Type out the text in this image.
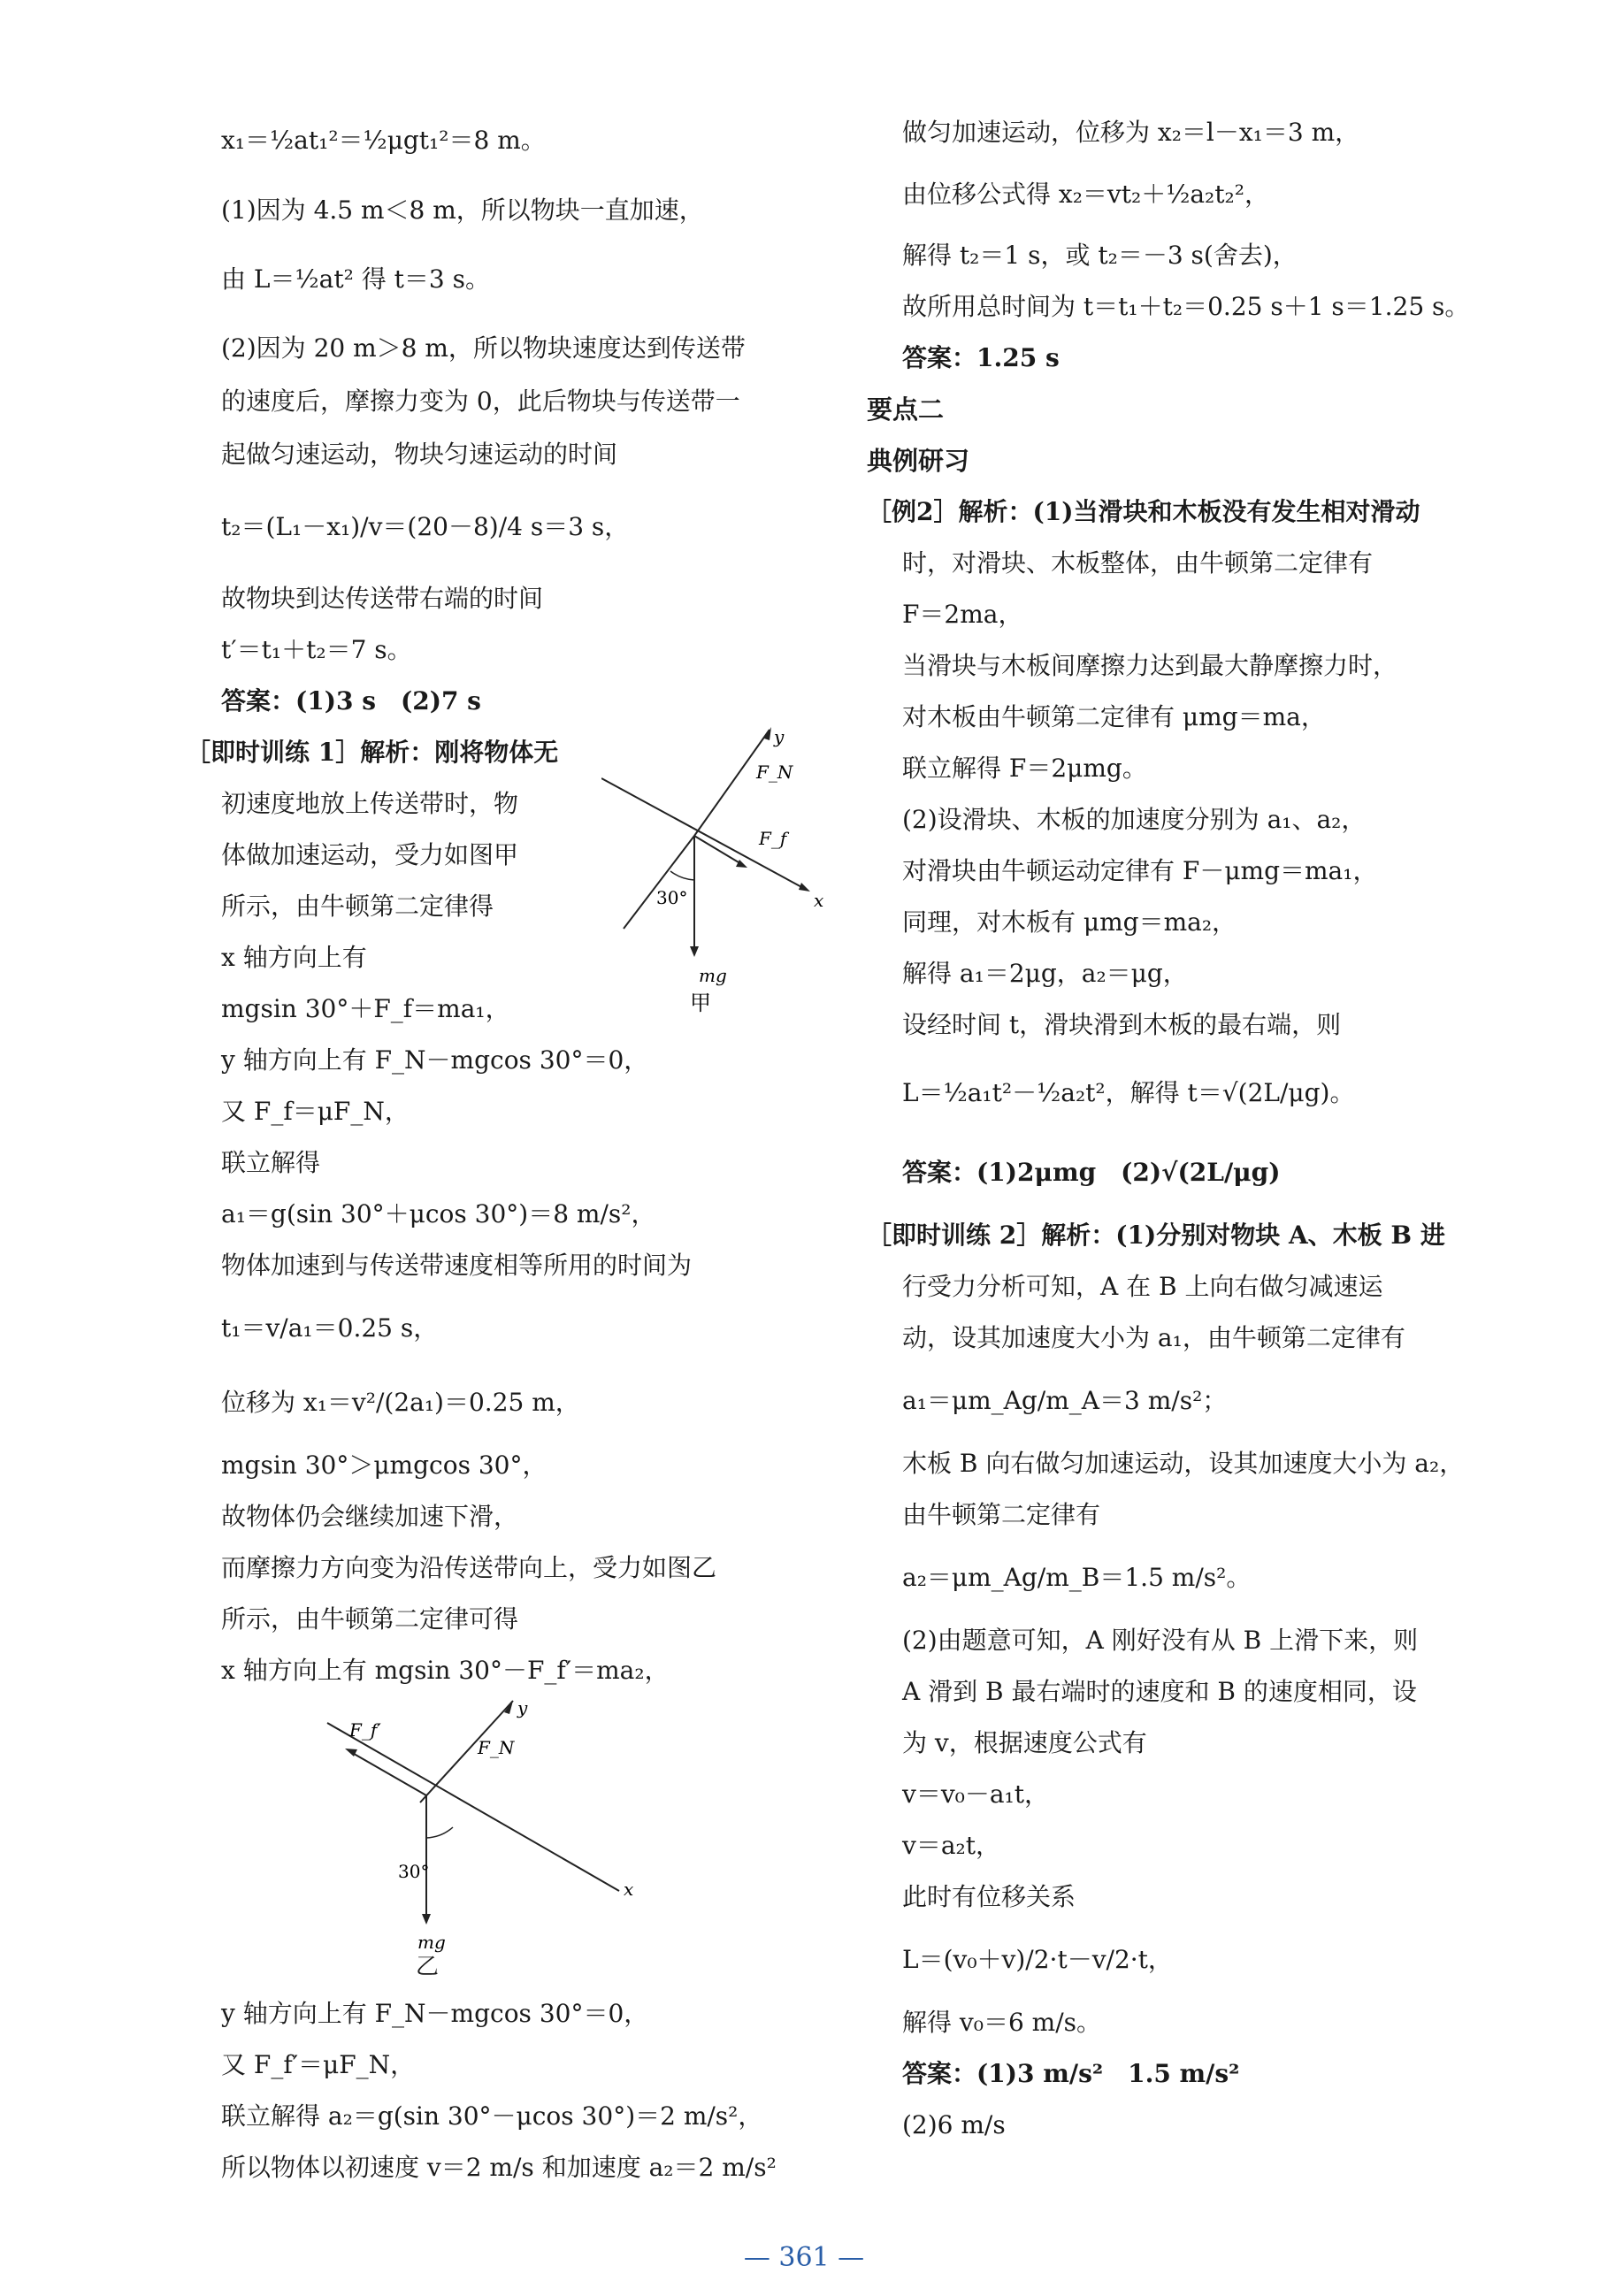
x₁＝½at₁²＝½μgt₁²＝8 m。
(1)因为 4.5 m＜8 m，所以物块一直加速，
由 L＝½at² 得 t＝3 s。
(2)因为 20 m＞8 m，所以物块速度达到传送带
的速度后，摩擦力变为 0，此后物块与传送带一
起做匀速运动，物块匀速运动的时间
t₂＝(L₁－x₁)/v＝(20－8)/4 s＝3 s，
故物块到达传送带右端的时间
t′＝t₁＋t₂＝7 s。
答案：(1)3 s　(2)7 s
［即时训练 1］解析：刚将物体无
初速度地放上传送带时，物
体做加速运动，受力如图甲
所示，由牛顿第二定律得
x 轴方向上有
mgsin 30°＋F_f＝ma₁，
y 轴方向上有 F_N－mgcos 30°＝0，
又 F_f＝μF_N，
联立解得
a₁＝g(sin 30°＋μcos 30°)＝8 m/s²，
物体加速到与传送带速度相等所用的时间为
t₁＝v/a₁＝0.25 s，
位移为 x₁＝v²/(2a₁)＝0.25 m，
mgsin 30°＞μmgcos 30°，
故物体仍会继续加速下滑，
而摩擦力方向变为沿传送带向上，受力如图乙
所示，由牛顿第二定律可得
x 轴方向上有 mgsin 30°－F_f′＝ma₂，
y
x
F_N
F_f′
30°
mg
乙
y 轴方向上有 F_N－mgcos 30°＝0，
又 F_f′＝μF_N，
联立解得 a₂＝g(sin 30°－μcos 30°)＝2 m/s²，
所以物体以初速度 v＝2 m/s 和加速度 a₂＝2 m/s²
y
x
F_N
F_f
30°
mg
甲
做匀加速运动，位移为 x₂＝l－x₁＝3 m，
由位移公式得 x₂＝vt₂＋½a₂t₂²，
解得 t₂＝1 s，或 t₂＝－3 s(舍去)，
故所用总时间为 t＝t₁＋t₂＝0.25 s＋1 s＝1.25 s。
答案：1.25 s
要点二
典例研习
［例2］解析：(1)当滑块和木板没有发生相对滑动
时，对滑块、木板整体，由牛顿第二定律有
F＝2ma，
当滑块与木板间摩擦力达到最大静摩擦力时，
对木板由牛顿第二定律有 μmg＝ma，
联立解得 F＝2μmg。
(2)设滑块、木板的加速度分别为 a₁、a₂，
对滑块由牛顿运动定律有 F－μmg＝ma₁，
同理，对木板有 μmg＝ma₂，
解得 a₁＝2μg，a₂＝μg，
设经时间 t，滑块滑到木板的最右端，则
L＝½a₁t²－½a₂t²，解得 t＝√(2L/μg)。
答案：(1)2μmg　(2)√(2L/μg)
［即时训练 2］解析：(1)分别对物块 A、木板 B 进
行受力分析可知，A 在 B 上向右做匀减速运
动，设其加速度大小为 a₁，由牛顿第二定律有
a₁＝μm_Ag/m_A＝3 m/s²；
木板 B 向右做匀加速运动，设其加速度大小为 a₂，
由牛顿第二定律有
a₂＝μm_Ag/m_B＝1.5 m/s²。
(2)由题意可知，A 刚好没有从 B 上滑下来，则
A 滑到 B 最右端时的速度和 B 的速度相同，设
为 v，根据速度公式有
v＝v₀－a₁t，
v＝a₂t，
此时有位移关系
L＝(v₀＋v)/2·t－v/2·t，
解得 v₀＝6 m/s。
答案：(1)3 m/s²　1.5 m/s²
(2)6 m/s
— 361 —
